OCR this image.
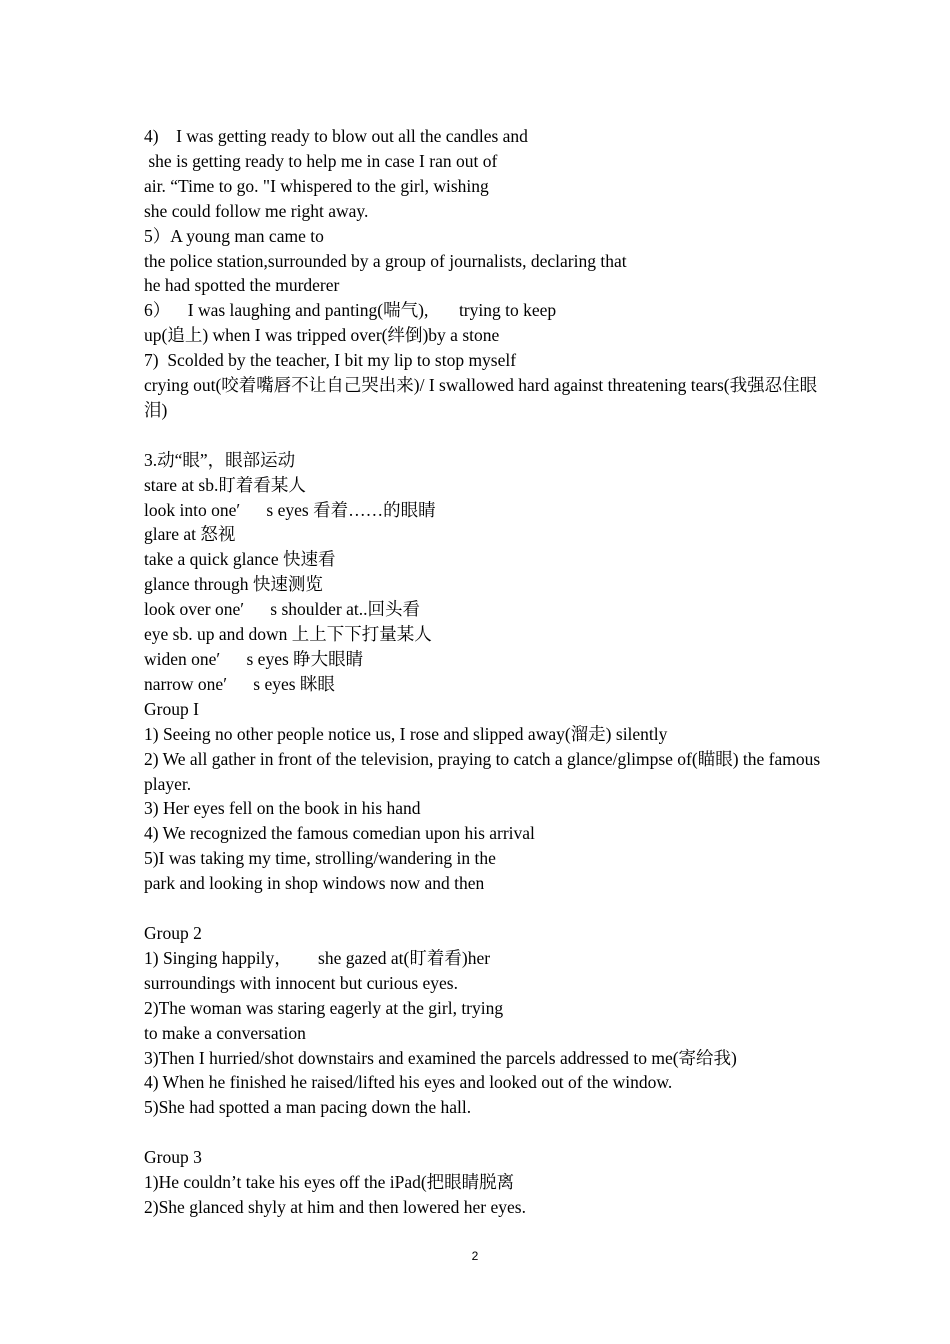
4)    I was getting ready to blow out all the candles and
she is getting ready to help me in case I ran out of
air. “Time to go. "I whispered to the girl, wishing
she could follow me right away.
5）A young man came to
the police station,surrounded by a group of journalists, declaring that
he had spotted the murderer
6）    I was laughing and panting(喘气),       trying to keep
up(追上) when I was tripped over(绊倒)by a stone
7)  Scolded by the teacher, I bit my lip to stop myself
crying out(咬着嘴唇不让自己哭出来)/ I swallowed hard against threatening tears(我强忍住眼泪)
3.动“眼”，眼部运动
stare at sb.盯着看某人
look into one′      s eyes 看着……的眼睛
glare at 怒视
take a quick glance 快速看
glance through 快速测览
look over one′      s shoulder at..回头看
eye sb. up and down 上上下下打量某人
widen one′      s eyes 睁大眼睛
narrow one′      s eyes 眯眼
Group I
1) Seeing no other people notice us, I rose and slipped away(溜走) silently
2) We all gather in front of the television, praying to catch a glance/glimpse of(瞄眼) the famous player.
3) Her eyes fell on the book in his hand
4) We recognized the famous comedian upon his arrival
5)I was taking my time, strolling/wandering in the
park and looking in shop windows now and then
Group 2
1) Singing happily，      she gazed at(盯着看)her
surroundings with innocent but curious eyes.
2)The woman was staring eagerly at the girl, trying
to make a conversation
3)Then I hurried/shot downstairs and examined the parcels addressed to me(寄给我)
4) When he finished he raised/lifted his eyes and looked out of the window.
5)She had spotted a man pacing down the hall.
Group 3
1)He couldn’t take his eyes off the iPad(把眼睛脱离
2)She glanced shyly at him and then lowered her eyes.
2
